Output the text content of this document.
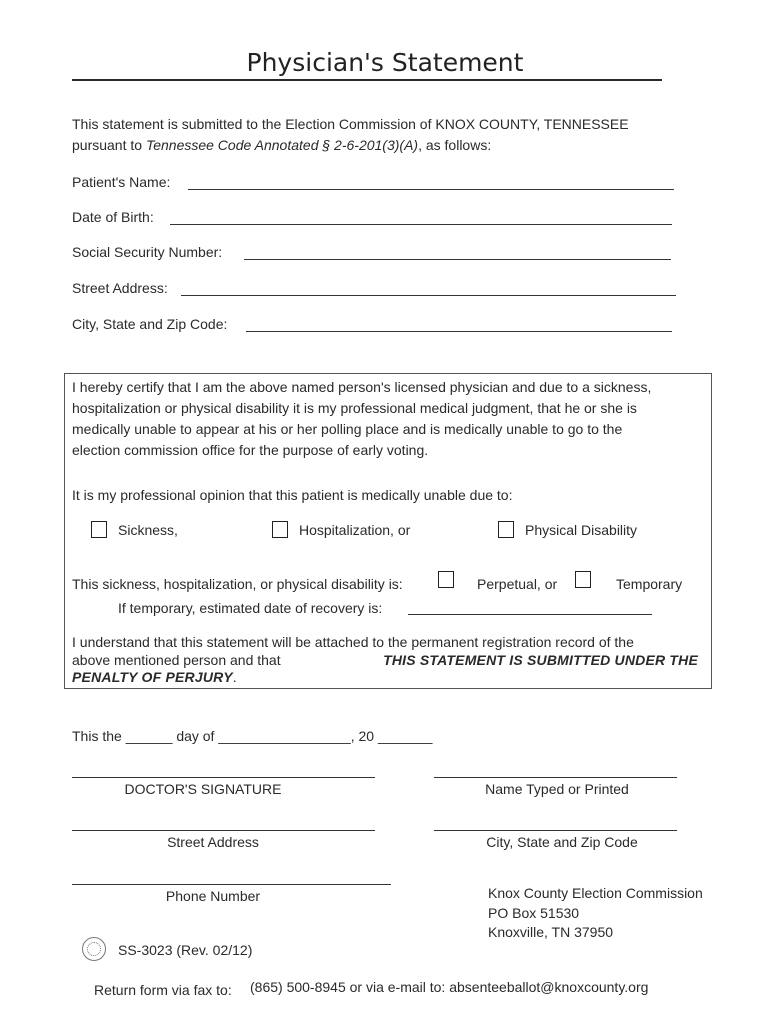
Physician's Statement
This statement is submitted to the Election Commission of KNOX COUNTY, TENNESSEE
pursuant to Tennessee Code Annotated § 2-6-201(3)(A), as follows:
Patient's Name:
Date of Birth:
Social Security Number:
Street Address:
City, State and Zip Code:
I hereby certify that I am the above named person's licensed physician and due to a sickness,
hospitalization or physical disability it is my professional medical judgment, that he or she is
medically unable to appear at his or her polling place and is medically unable to go to the
election commission office for the purpose of early voting.
It is my professional opinion that this patient is medically unable due to:
Sickness,	Hospitalization, or	Physical Disability
This sickness, hospitalization, or physical disability is:	Perpetual, or	Temporary
If temporary, estimated date of recovery is:
I understand that this statement will be attached to the permanent registration record of the
above mentioned person and that	THIS STATEMENT IS SUBMITTED UNDER THE
PENALTY OF PERJURY.
This the ______ day of _________________, 20 _______
DOCTOR'S SIGNATURE	Name Typed or Printed
Street Address	City, State and Zip Code
Phone Number	Knox County Election Commission
PO Box 51530
Knoxville, TN 37950
SS-3023 (Rev. 02/12)
Return form via fax to: (865) 500-8945 or via e-mail to: absenteeballot@knoxcounty.org
